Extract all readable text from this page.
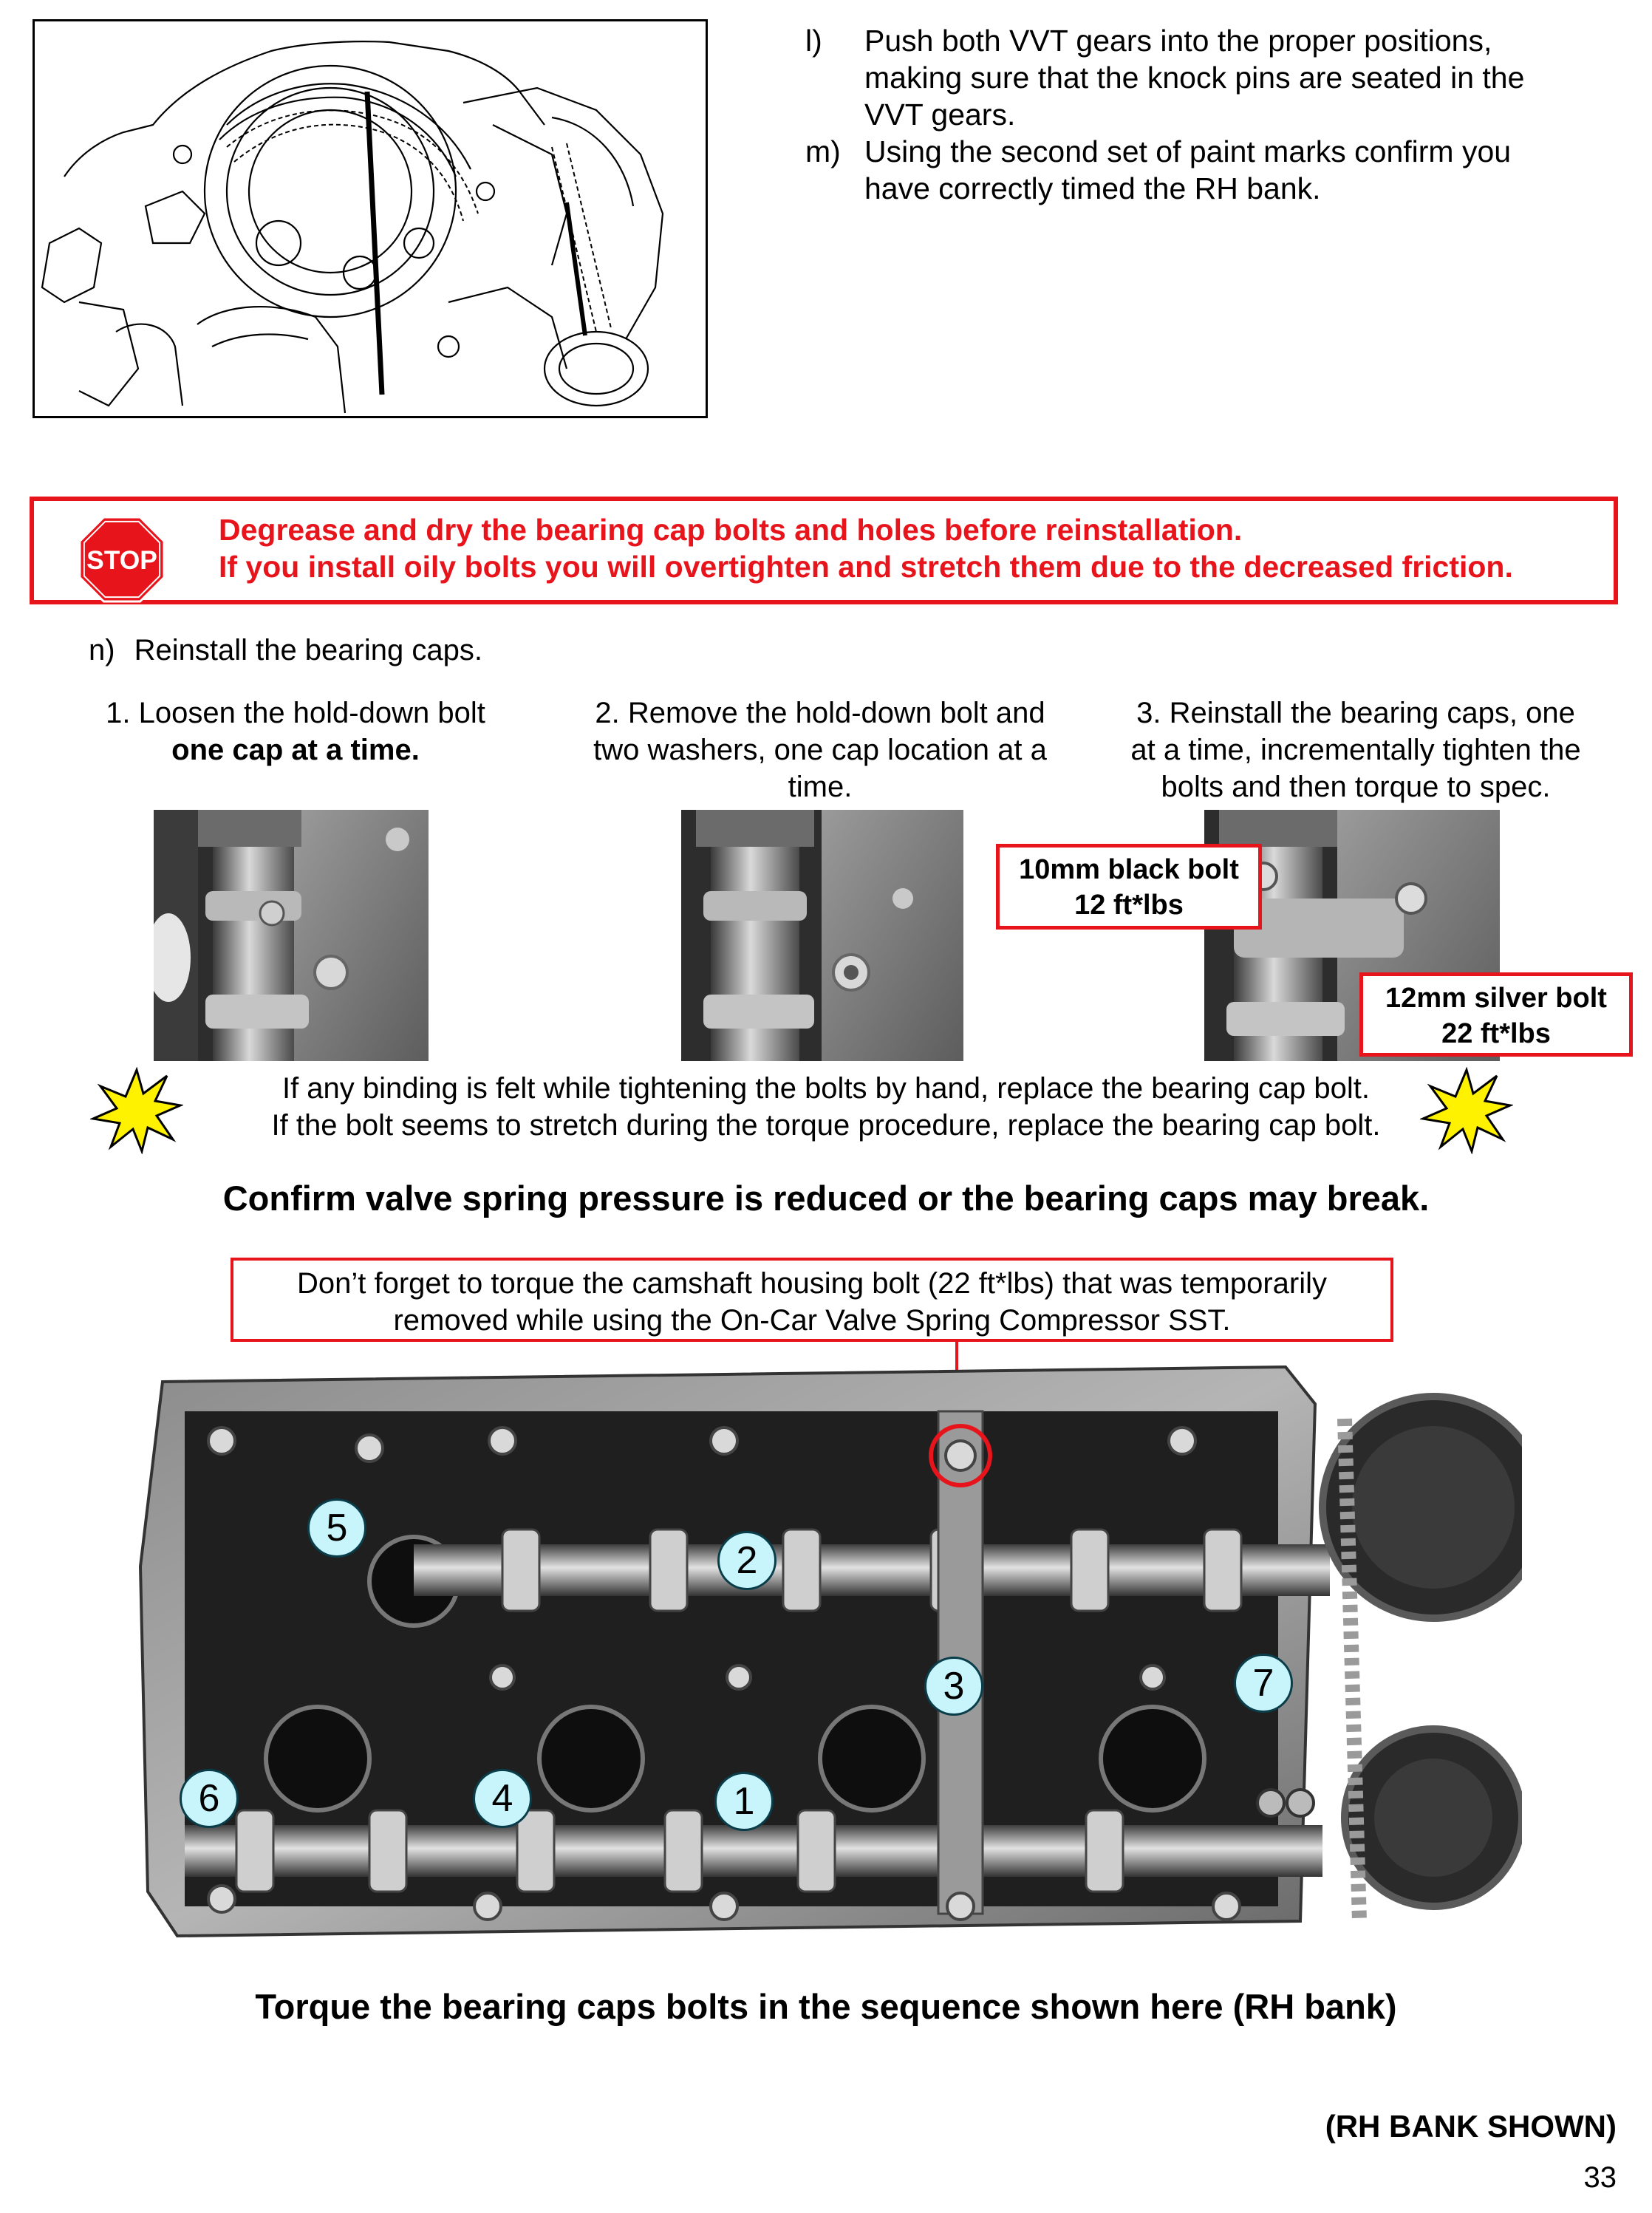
l) Push both VVT gears into the proper positions,
making sure that the knock pins are seated in the
VVT gears.
m) Using the second set of paint marks confirm you
have correctly timed the RH bank.
STOP
Degrease and dry the bearing cap bolts and holes before reinstallation.
If you install oily bolts you will overtighten and stretch them due to the decreased friction.
n) Reinstall the bearing caps.
1. Loosen the hold-down bolt
one cap at a time.
2. Remove the hold-down bolt and
two washers, one cap location at a
time.
3. Reinstall the bearing caps, one
at a time, incrementally tighten the
bolts and then torque to spec.
10mm black bolt
12 ft*lbs
12mm silver bolt
22 ft*lbs
If any binding is felt while tightening the bolts by hand, replace the bearing cap bolt.
If the bolt seems to stretch during the torque procedure, replace the bearing cap bolt.
Confirm valve spring pressure is reduced or the bearing caps may break.
Don’t forget to torque the camshaft housing bolt (22 ft*lbs) that was temporarily
removed while using the On-Car Valve Spring Compressor SST.
1
2
3
4
5
6
7
Torque the bearing caps bolts in the sequence shown here (RH bank)
(RH BANK SHOWN)
33
